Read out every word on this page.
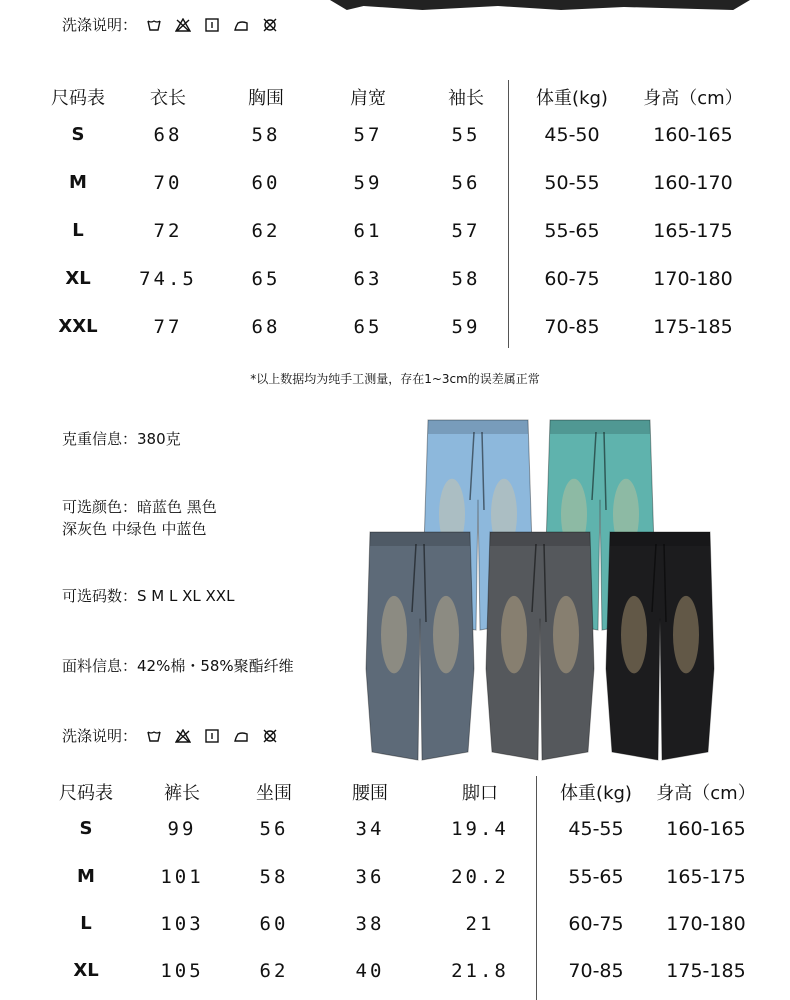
洗涤说明：
尺码表	衣长	胸围	肩宽	袖长	体重(kg)	身高（cm）
S	68	58	57	55	45-50	160-165
M	70	60	59	56	50-55	160-170
L	72	62	61	57	55-65	165-175
XL	74.5	65	63	58	60-75	170-180
XXL	77	68	65	59	70-85	175-185
*以上数据均为纯手工测量，存在1~3cm的误差属正常
克重信息：380克
可选颜色：暗蓝色 黑色
深灰色 中绿色 中蓝色
可选码数：S M L XL XXL
面料信息：42%棉・58%聚酯纤维
洗涤说明：
尺码表	裤长	坐围	腰围	脚口	体重(kg)	身高（cm）
S	99	56	34	19.4	45-55	160-165
M	101	58	36	20.2	55-65	165-175
L	103	60	38	21	60-75	170-180
XL	105	62	40	21.8	70-85	175-185
